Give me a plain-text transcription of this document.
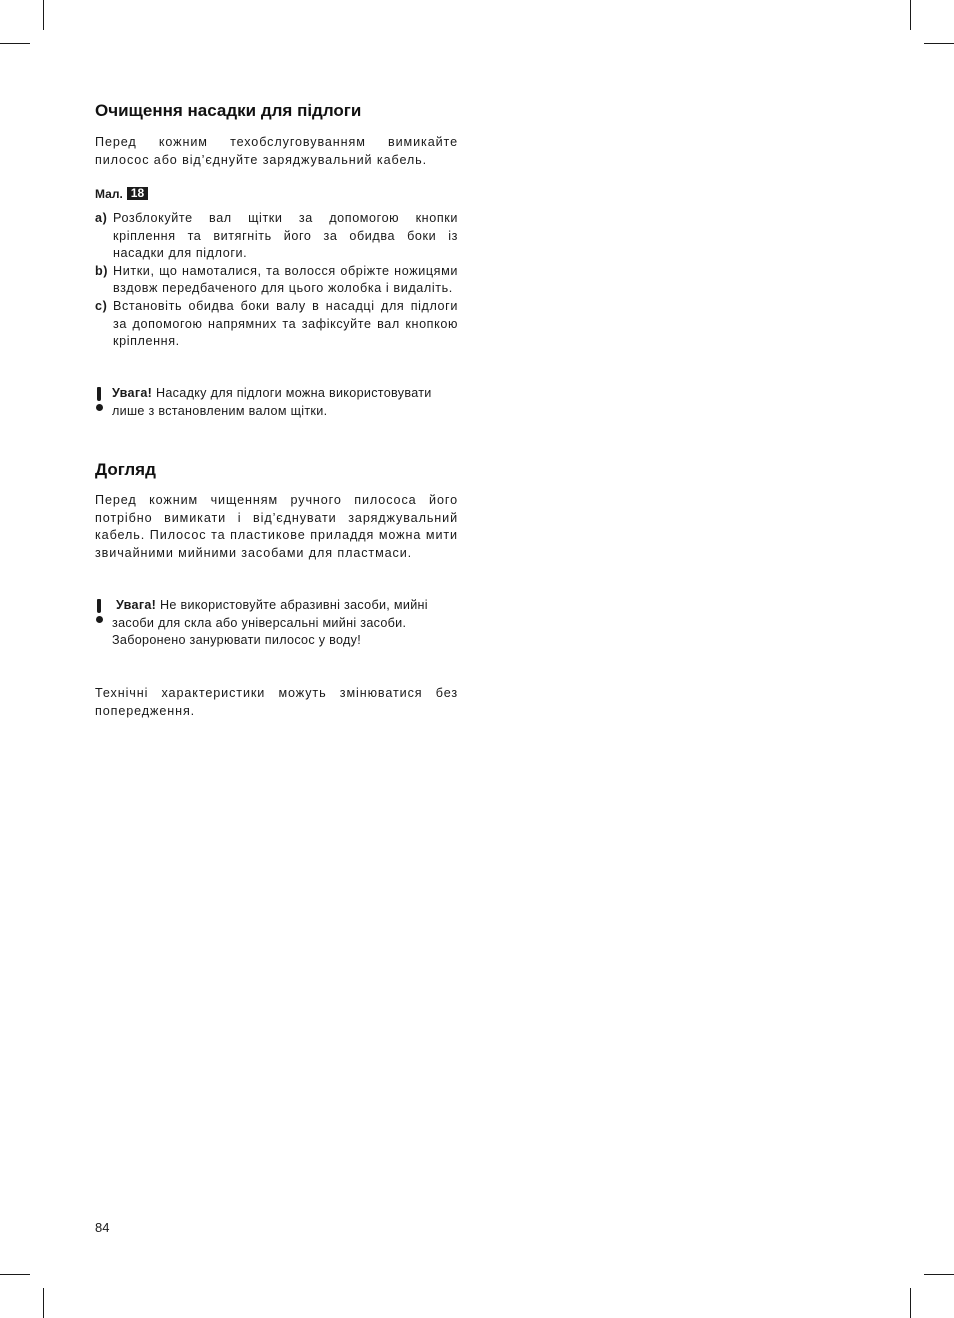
Очищення насадки для підлоги

Перед кожним техобслуговуванням вимикайте пилосос або від’єднуйте заряджувальний кабель.

Мал. 18
a) Розблокуйте вал щітки за допомогою кнопки кріплення та витягніть його за обидва боки із насадки для підлоги.
b) Нитки, що намоталися, та волосся обріжте ножицями вздовж передбаченого для цього жолобка і видаліть.
c) Встановіть обидва боки валу в насадці для підлоги за допомогою напрямних та зафіксуйте вал кнопкою кріплення.
Увага! Насадку для підлоги можна використовувати лише з встановленим валом щітки.
Догляд

Перед кожним чищенням ручного пилососа його потрібно вимикати і від’єднувати заряджувальний кабель. Пилосос та пластикове приладдя можна мити звичайними мийними засобами для пластмаси.

Увага! Не використовуйте абразивні засоби, мийні засоби для скла або універсальні мийні засоби. Заборонено занурювати пилосос у воду!

Технічні характеристики можуть змінюватися без попередження.

84
